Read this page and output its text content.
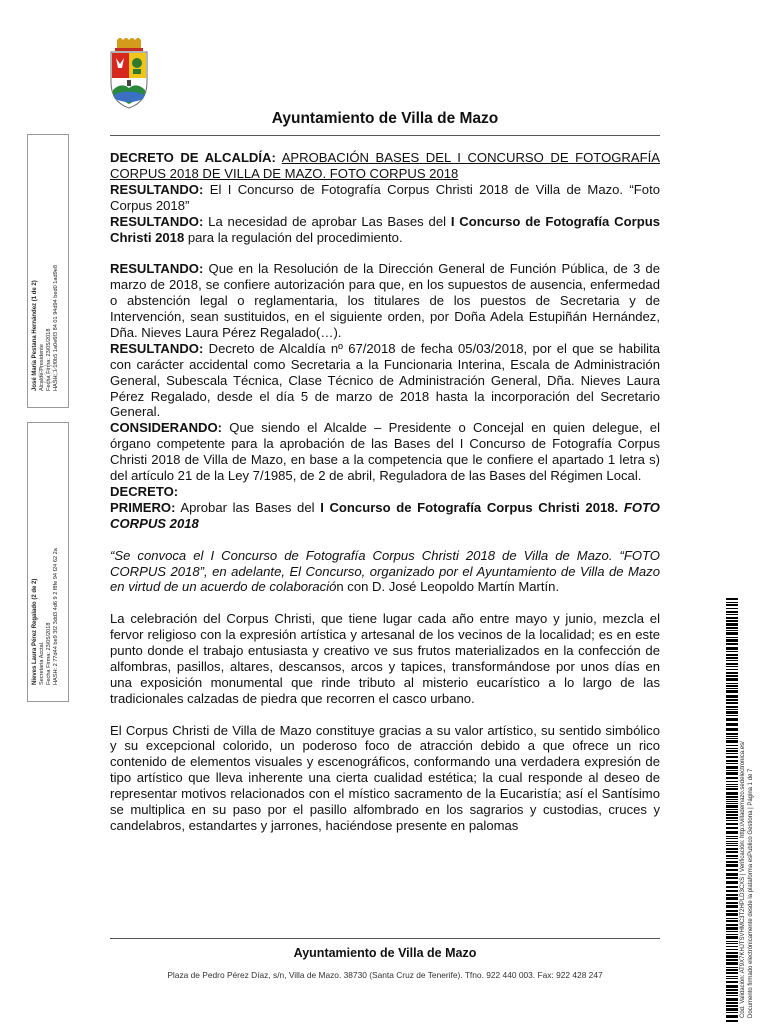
Ayuntamiento de Villa de Mazo
José María Pestana Hernández (1 de 2) Alcalde-Presidente Fecha Firma: 23/05/2018 HASH: 1 1f0b5 1a0e6f3 84 01 94d94 bed0 1ad9e8
Nieves Laura Pérez Regalado (2 de 2) Secretaria Acctal. Fecha Firma: 23/05/2018 HASH: 2 77d44 be9 3f2 3dd3 4d6 9 2 f8fe 94 f24 62 2a

DECRETO DE ALCALDÍA: APROBACIÓN BASES DEL I CONCURSO DE FOTOGRAFÍA CORPUS 2018 DE VILLA DE MAZO. FOTO CORPUS 2018

RESULTANDO: El I Concurso de Fotografía Corpus Christi 2018 de Villa de Mazo. “Foto Corpus 2018”

RESULTANDO: La necesidad de aprobar Las Bases del I Concurso de Fotografía Corpus Christi 2018 para la regulación del procedimiento.

RESULTANDO: Que en la Resolución de la Dirección General de Función Pública, de 3 de marzo de 2018, se confiere autorización para que, en los supuestos de ausencia, enfermedad o abstención legal o reglamentaria, los titulares de los puestos de Secretaria y de Intervención, sean sustituidos, en el siguiente orden, por Doña Adela Estupiñán Hernández, Dña. Nieves Laura Pérez Regalado(…).

RESULTANDO: Decreto de Alcaldía nº 67/2018 de fecha 05/03/2018, por el que se habilita con carácter accidental como Secretaria a la Funcionaria Interina, Escala de Administración General, Subescala Técnica, Clase Técnico de Administración General, Dña. Nieves Laura Pérez Regalado, desde el día 5 de marzo de 2018 hasta la incorporación del Secretario General.

CONSIDERANDO: Que siendo el Alcalde – Presidente o Concejal en quien delegue, el órgano competente para la aprobación de las Bases del I Concurso de Fotografía Corpus Christi 2018 de Villa de Mazo, en base a la competencia que le confiere el apartado 1 letra s) del artículo 21 de la Ley 7/1985, de 2 de abril, Reguladora de las Bases del Régimen Local.

DECRETO:

PRIMERO: Aprobar las Bases del I Concurso de Fotografía Corpus Christi 2018. FOTO CORPUS 2018

“Se convoca el I Concurso de Fotografía Corpus Christi 2018 de Villa de Mazo. “FOTO CORPUS 2018”, en adelante, El Concurso, organizado por el Ayuntamiento de Villa de Mazo en virtud de un acuerdo de colaboración con D. José Leopoldo Martín Martín.

La celebración del Corpus Christi, que tiene lugar cada año entre mayo y junio, mezcla el fervor religioso con la expresión artística y artesanal de los vecinos de la localidad; es en este punto donde el trabajo entusiasta y creativo ve sus frutos materializados en la confección de alfombras, pasillos, altares, descansos, arcos y tapices, transformándose por unos días en una exposición monumental que rinde tributo al misterio eucarístico a lo largo de las tradicionales calzadas de piedra que recorren el casco urbano.

El Corpus Christi de Villa de Mazo constituye gracias a su valor artístico, su sentido simbólico y su excepcional colorido, un poderoso foco de atracción debido a que ofrece un rico contenido de elementos visuales y escenográficos, conformando una verdadera expresión de tipo artístico que lleva inherente una cierta cualidad estética; la cual responde al deseo de representar motivos relacionados con el místico sacramento de la Eucaristía; así el Santísimo se multiplica en su paso por el pasillo alfombrado en los sagrarios y custodias, cruces y candelabros, estandartes y jarrones, haciéndose presente en palomas

Ayuntamiento de Villa de Mazo
Plaza de Pedro Pérez Díaz, s/n, Villa de Mazo. 38730 (Santa Cruz de Tenerife). Tfno. 922 440 003. Fax: 922 428 247	Cód. Validación: AT9X7KHJTSVHMC3T2HPLD3CXS | Verificación: http://villademazo.sedelectronica.es/ Documento firmado electrónicamente desde la plataforma esPublico Gestiona | Página 1 de 7
